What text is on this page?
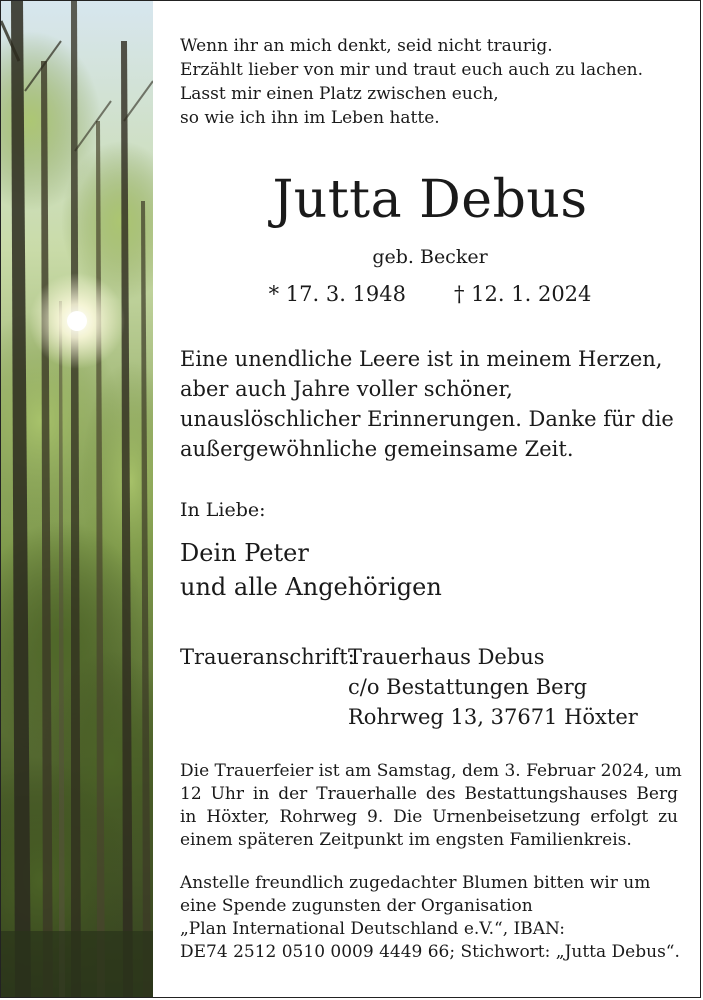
Wenn ihr an mich denkt, seid nicht traurig.
Erzählt lieber von mir und traut euch auch zu lachen.
Lasst mir einen Platz zwischen euch,
so wie ich ihn im Leben hatte.
Jutta Debus
geb. Becker
* 17. 3. 1948 † 12. 1. 2024
Eine unendliche Leere ist in meinem Herzen,
aber auch Jahre voller schöner,
unauslöschlicher Erinnerungen. Danke für die
außergewöhnliche gemeinsame Zeit.
In Liebe:
Dein Peter
und alle Angehörigen
Traueranschrift:
Trauerhaus Debus
c/o Bestattungen Berg
Rohrweg 13, 37671 Höxter
Die Trauerfeier ist am Samstag, dem 3. Februar 2024, um
12 Uhr in der Trauerhalle des Bestattungshauses Berg
in Höxter, Rohrweg 9. Die Urnenbeisetzung erfolgt zu
einem späteren Zeitpunkt im engsten Familienkreis.
Anstelle freundlich zugedachter Blumen bitten wir um
eine Spende zugunsten der Organisation
„Plan International Deutschland e.V.“, IBAN:
DE74 2512 0510 0009 4449 66; Stichwort: „Jutta Debus“.
